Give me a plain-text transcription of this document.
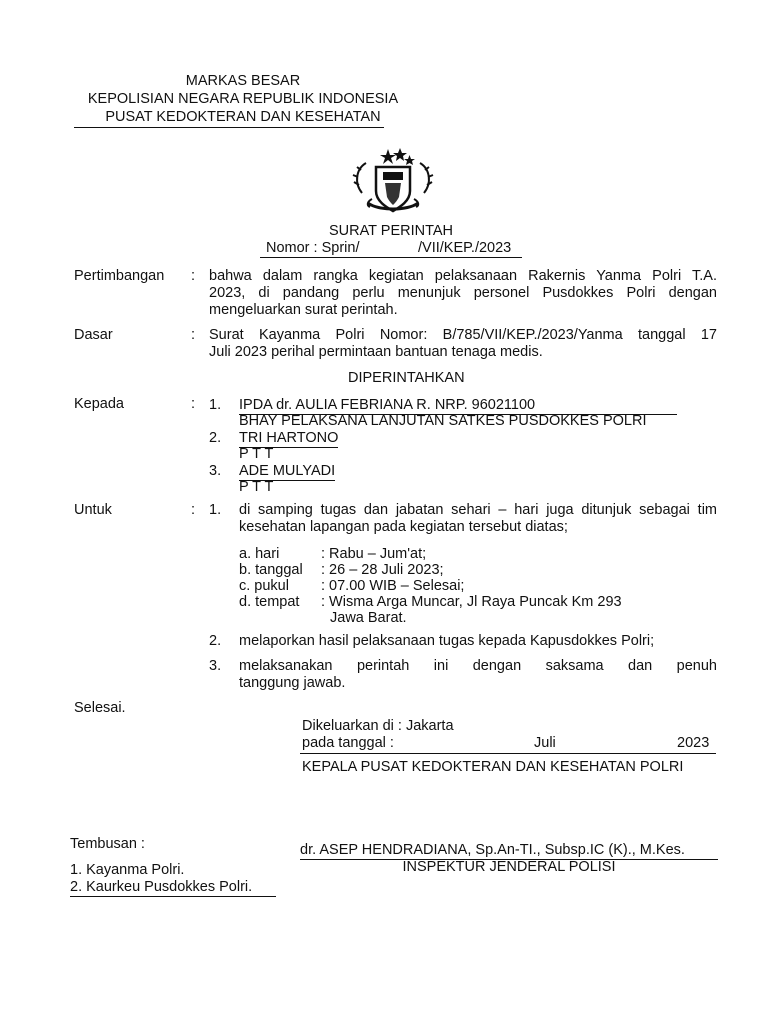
MARKAS BESAR
KEPOLISIAN NEGARA REPUBLIK INDONESIA
PUSAT KEDOKTERAN DAN KESEHATAN
SURAT PERINTAH
Nomor : Sprin/	/VII/KEP./2023
Pertimbangan : bahwa dalam rangka kegiatan pelaksanaan Rakernis Yanma Polri T.A.
2023, di pandang perlu menunjuk personel Pusdokkes Polri dengan
mengeluarkan surat perintah.
Dasar	: Surat Kayanma Polri Nomor: B/785/VII/KEP./2023/Yanma tanggal 17
Juli 2023 perihal permintaan bantuan tenaga medis.
DIPERINTAHKAN
Kepada	: 1. IPDA dr. AULIA FEBRIANA R. NRP. 96021100
BHAY PELAKSANA LANJUTAN SATKES PUSDOKKES POLRI
2. TRI HARTONO
P T T
3. ADE MULYADI
P T T
Untuk	: 1. di samping tugas dan jabatan sehari – hari juga ditunjuk sebagai tim
kesehatan lapangan pada kegiatan tersebut diatas;
a. hari	: Rabu – Jum'at;
b. tanggal : 26 – 28 Juli 2023;
c. pukul : 07.00 WIB – Selesai;
d. tempat : Wisma Arga Muncar, Jl Raya Puncak Km 293
Jawa Barat.
2. melaporkan hasil pelaksanaan tugas kepada Kapusdokkes Polri;
3. melaksanakan perintah ini dengan saksama dan penuh
tanggung jawab.
Selesai.
Dikeluarkan di : Jakarta
pada tanggal :	Juli	2023
KEPALA PUSAT KEDOKTERAN DAN KESEHATAN POLRI
Tembusan :
1. Kayanma Polri.
2. Kaurkeu Pusdokkes Polri.
dr. ASEP HENDRADIANA, Sp.An-TI., Subsp.IC (K)., M.Kes.
INSPEKTUR JENDERAL POLISI
